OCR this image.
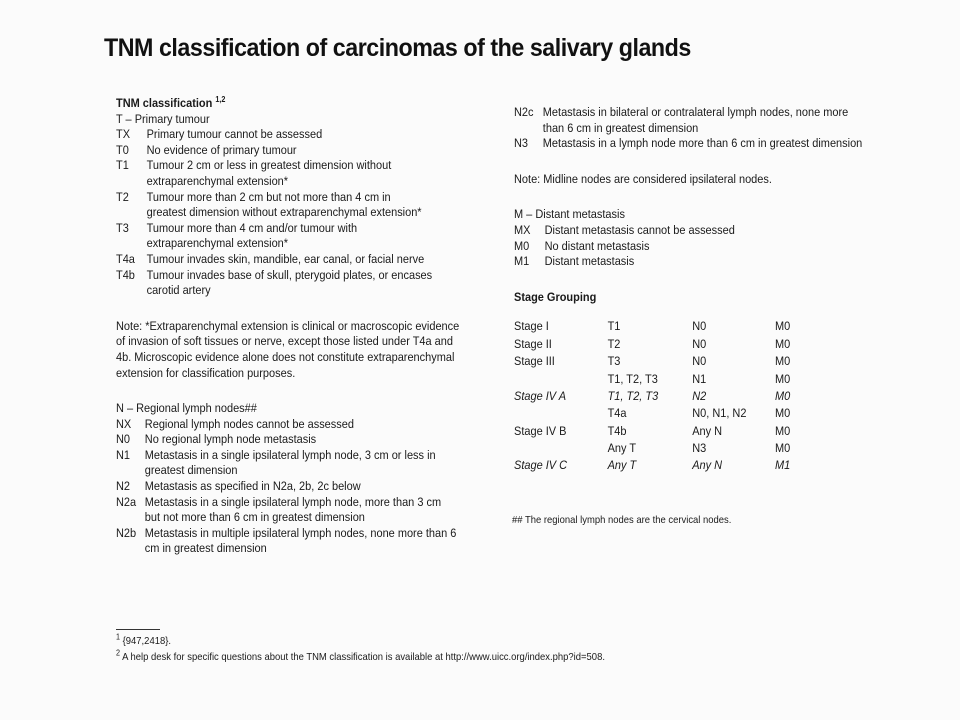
TNM classification of carcinomas of the salivary glands
TNM classification $^{1,2}$
T – Primary tumour
TX	Primary tumour cannot be assessed
T0	No evidence of primary tumour
T1	Tumour 2 cm or less in greatest dimension without extraparenchymal extension*
T2	Tumour more than 2 cm but not more than 4 cm in greatest dimension without extraparenchymal extension*
T3	Tumour more than 4 cm and/or tumour with extraparenchymal extension*
T4a Tumour invades skin, mandible, ear canal, or facial nerve
T4b Tumour invades base of skull, pterygoid plates, or encases carotid artery
Note: *Extraparenchymal extension is clinical or macroscopic evidence of invasion of soft tissues or nerve, except those listed under T4a and 4b. Microscopic evidence alone does not constitute extraparenchymal extension for classification purposes.
N – Regional lymph nodes##
NX	Regional lymph nodes cannot be assessed
N0	No regional lymph node metastasis
N1	Metastasis in a single ipsilateral lymph node, 3 cm or less in greatest dimension
N2	Metastasis as specified in N2a, 2b, 2c below
N2a Metastasis in a single ipsilateral lymph node, more than 3 cm but not more than 6 cm in greatest dimension
N2b Metastasis in multiple ipsilateral lymph nodes, none more than 6 cm in greatest dimension
N2c Metastasis in bilateral or contralateral lymph nodes, none more than 6 cm in greatest dimension
N3	Metastasis in a lymph node more than 6 cm in greatest dimension
Note: Midline nodes are considered ipsilateral nodes.
M – Distant metastasis
MX	Distant metastasis cannot be assessed
M0	No distant metastasis
M1	Distant metastasis
Stage Grouping
Stage I	T1	N0	M0
Stage II	T2	N0	M0
Stage III	T3	N0	M0
	T1, T2, T3	N1	M0
Stage IV A	T1, T2, T3	N2	M0
	T4a	N0, N1, N2	M0
Stage IV B	T4b	Any N	M0
	Any T	N3	M0
Stage IV C	Any T	Any N	M1
## The regional lymph nodes are the cervical nodes.
$^1$ {947,2418}.
$^2$ A help desk for specific questions about the TNM classification is available at http://www.uicc.org/index.php?id=508.
